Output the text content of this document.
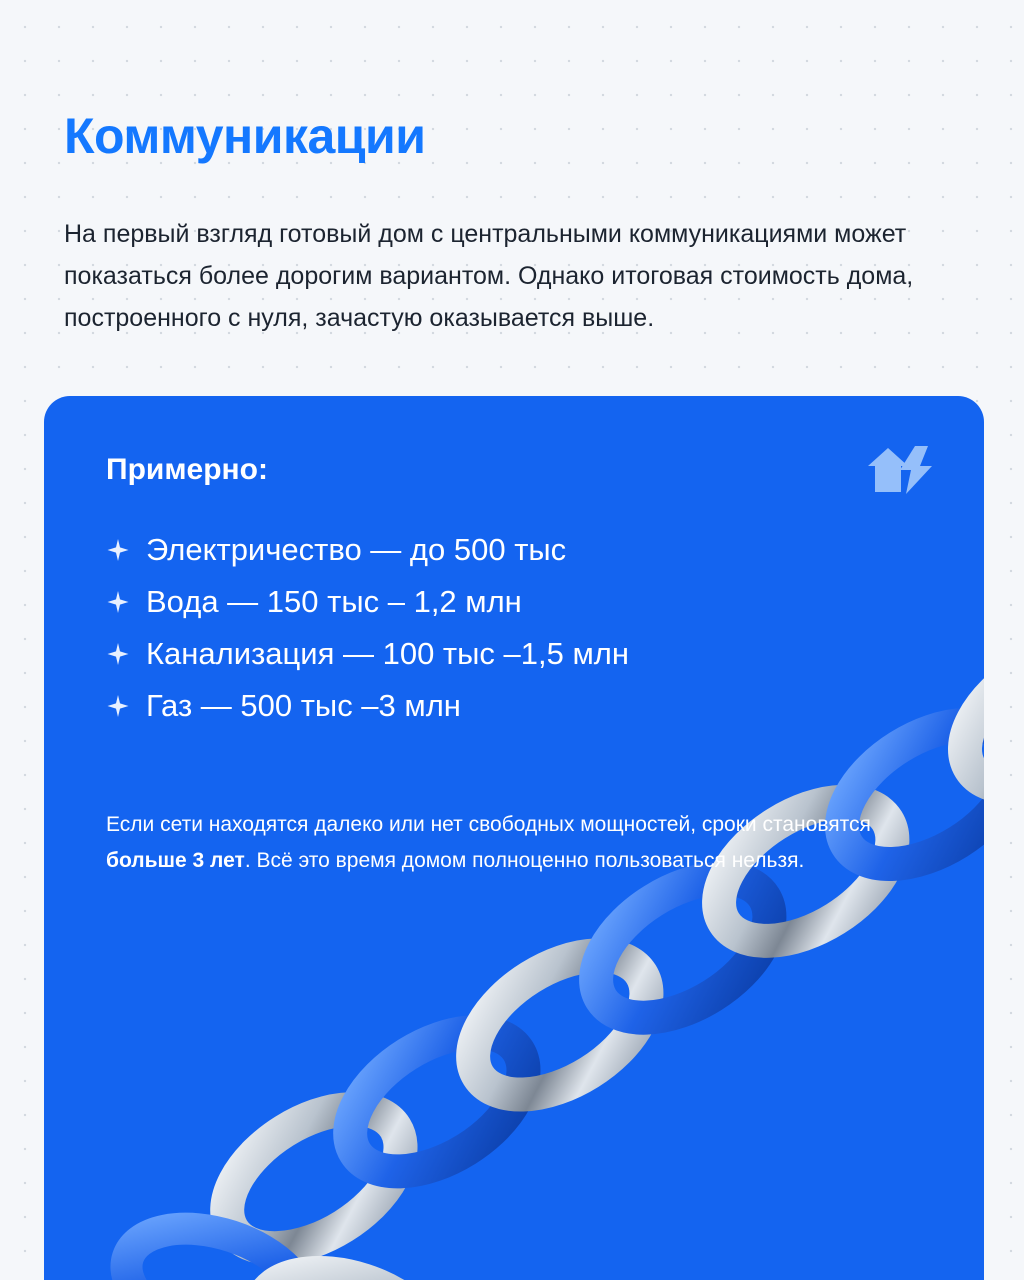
Коммуникации

На первый взгляд готовый дом с центральными коммуникациями может показаться более дорогим вариантом. Однако итоговая стоимость дома, построенного с нуля, зачастую оказывается выше.

Примерно:
Электричество — до 500 тыс
Вода — 150 тыс – 1,2 млн
Канализация — 100 тыс –1,5 млн
Газ — 500 тыс –3 млн

Если сети находятся далеко или нет свободных мощностей, сроки становятся больше 3 лет. Всё это время домом полноценно пользоваться нельзя.
